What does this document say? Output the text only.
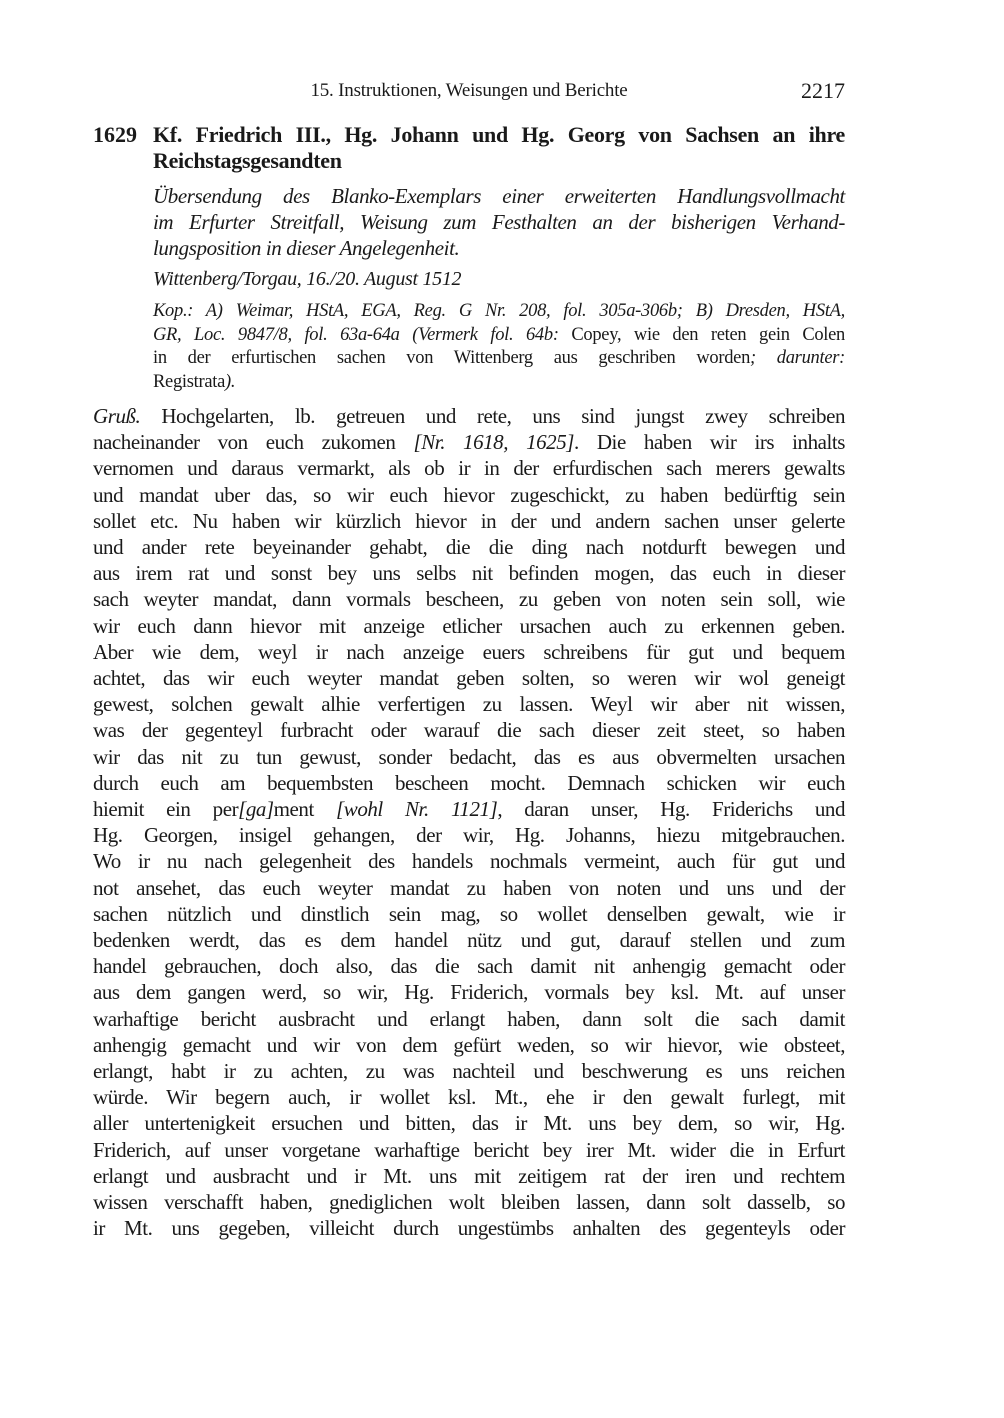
15. Instruktionen, Weisungen und Berichte	2217
1629 Kf. Friedrich III., Hg. Johann und Hg. Georg von Sachsen an ihre
Reichstagsgesandten
Übersendung des Blanko-Exemplars einer erweiterten Handlungsvollmacht
im Erfurter Streitfall, Weisung zum Festhalten an der bisherigen Verhand-
lungsposition in dieser Angelegenheit.
Wittenberg/Torgau, 16./20. August 1512
Kop.: A) Weimar, HStA, EGA, Reg. G Nr. 208, fol. 305a-306b; B) Dresden, HStA,
GR, Loc. 9847/8, fol. 63a-64a (Vermerk fol. 64b: Copey, wie den reten gein Colen
in der erfurtischen sachen von Wittenberg aus geschriben worden; darunter:
Registrata).
Gruß. Hochgelarten, lb. getreuen und rete, uns sind jungst zwey schreiben
nacheinander von euch zukomen [Nr. 1618, 1625]. Die haben wir irs inhalts
vernomen und daraus vermarkt, als ob ir in der erfurdischen sach merers gewalts
und mandat uber das, so wir euch hievor zugeschickt, zu haben bedürftig sein
sollet etc. Nu haben wir kürzlich hievor in der und andern sachen unser gelerte
und ander rete beyeinander gehabt, die die ding nach notdurft bewegen und
aus irem rat und sonst bey uns selbs nit befinden mogen, das euch in dieser
sach weyter mandat, dann vormals bescheen, zu geben von noten sein soll, wie
wir euch dann hievor mit anzeige etlicher ursachen auch zu erkennen geben.
Aber wie dem, weyl ir nach anzeige euers schreibens für gut und bequem
achtet, das wir euch weyter mandat geben solten, so weren wir wol geneigt
gewest, solchen gewalt alhie verfertigen zu lassen. Weyl wir aber nit wissen,
was der gegenteyl furbracht oder warauf die sach dieser zeit steet, so haben
wir das nit zu tun gewust, sonder bedacht, das es aus obvermelten ursachen
durch euch am bequembsten bescheen mocht. Demnach schicken wir euch
hiemit ein per[ga]ment [wohl Nr. 1121], daran unser, Hg. Friderichs und
Hg. Georgen, insigel gehangen, der wir, Hg. Johanns, hiezu mitgebrauchen.
Wo ir nu nach gelegenheit des handels nochmals vermeint, auch für gut und
not ansehet, das euch weyter mandat zu haben von noten und uns und der
sachen nützlich und dinstlich sein mag, so wollet denselben gewalt, wie ir
bedenken werdt, das es dem handel nütz und gut, darauf stellen und zum
handel gebrauchen, doch also, das die sach damit nit anhengig gemacht oder
aus dem gangen werd, so wir, Hg. Friderich, vormals bey ksl. Mt. auf unser
warhaftige bericht ausbracht und erlangt haben, dann solt die sach damit
anhengig gemacht und wir von dem gefürt weden, so wir hievor, wie obsteet,
erlangt, habt ir zu achten, zu was nachteil und beschwerung es uns reichen
würde. Wir begern auch, ir wollet ksl. Mt., ehe ir den gewalt furlegt, mit
aller untertenigkeit ersuchen und bitten, das ir Mt. uns bey dem, so wir, Hg.
Friderich, auf unser vorgetane warhaftige bericht bey irer Mt. wider die in Erfurt
erlangt und ausbracht und ir Mt. uns mit zeitigem rat der iren und rechtem
wissen verschafft haben, gnediglichen wolt bleiben lassen, dann solt dasselb, so
ir Mt. uns gegeben, villeicht durch ungestümbs anhalten des gegenteyls oder
